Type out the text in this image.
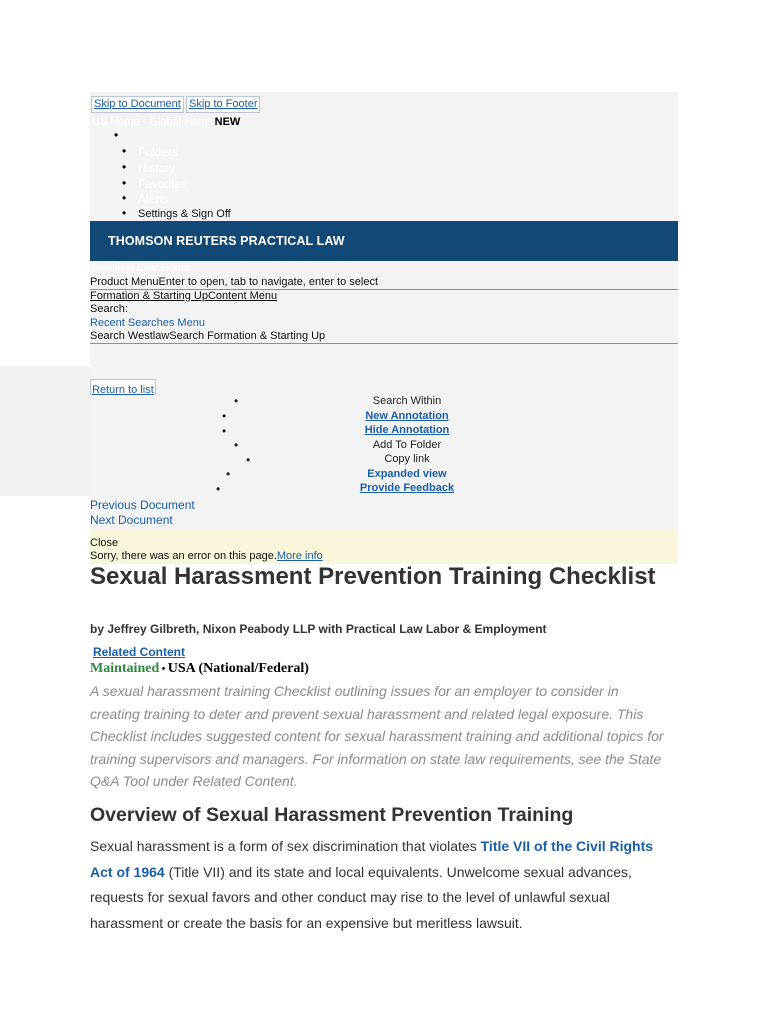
Skip to Document Skip to Footer
US Home · Global HomeNEW
•
• Folders
• History
• Favorites
• Alerts
• Settings & Sign Off
THOMSON REUTERS PRACTICAL LAW
Practical Law Home
Product MenuEnter to open, tab to navigate, enter to select
Formation & Starting UpContent Menu
Search:
Recent Searches Menu
Search WestlawSearch Formation & Starting Up
Return to list
•
•
•
•
•
•
•
Search Within
New Annotation
Hide Annotation
Add To Folder
Copy link
Expanded view
Provide Feedback
Previous Document
Next Document
Close
Sorry, there was an error on this page.More info
Sexual Harassment Prevention Training Checklist
by Jeffrey Gilbreth, Nixon Peabody LLP with Practical Law Labor & Employment
Related Content
Maintained • USA (National/Federal)
A sexual harassment training Checklist outlining issues for an employer to consider in creating training to deter and prevent sexual harassment and related legal exposure. This Checklist includes suggested content for sexual harassment training and additional topics for training supervisors and managers. For information on state law requirements, see the State Q&A Tool under Related Content.
Overview of Sexual Harassment Prevention Training
Sexual harassment is a form of sex discrimination that violates Title VII of the Civil Rights Act of 1964 (Title VII) and its state and local equivalents. Unwelcome sexual advances, requests for sexual favors and other conduct may rise to the level of unlawful sexual harassment or create the basis for an expensive but meritless lawsuit.
